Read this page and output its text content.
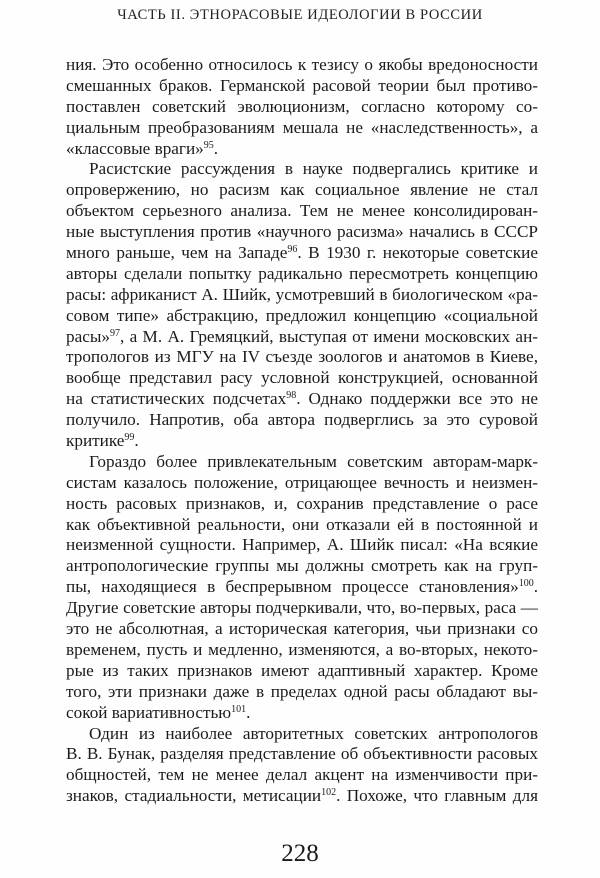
ЧАСТЬ II. ЭТНОРАСОВЫЕ ИДЕОЛОГИИ В РОССИИ
ния. Это особенно относилось к тезису о якобы вредоносности
смешанных браков. Германской расовой теории был противо-
поставлен советский эволюционизм, согласно которому со-
циальным преобразованиям мешала не «наследственность», а
«классовые враги»$^{95}$.
Расистские рассуждения в науке подвергались критике и
опровержению, но расизм как социальное явление не стал
объектом серьезного анализа. Тем не менее консолидирован-
ные выступления против «научного расизма» начались в СССР
много раньше, чем на Западе$^{96}$. В 1930 г. некоторые советские
авторы сделали попытку радикально пересмотреть концепцию
расы: африканист А. Шийк, усмотревший в биологическом «ра-
совом типе» абстракцию, предложил концепцию «социальной
расы»$^{97}$, а М. А. Гремяцкий, выступая от имени московских ан-
тропологов из МГУ на IV съезде зоологов и анатомов в Киеве,
вообще представил расу условной конструкцией, основанной
на статистических подсчетах$^{98}$. Однако поддержки все это не
получило. Напротив, оба автора подверглись за это суровой
критике$^{99}$.
Гораздо более привлекательным советским авторам-марк-
систам казалось положение, отрицающее вечность и неизмен-
ность расовых признаков, и, сохранив представление о расе
как объективной реальности, они отказали ей в постоянной и
неизменной сущности. Например, А. Шийк писал: «На всякие
антропологические группы мы должны смотреть как на груп-
пы, находящиеся в беспрерывном процессе становления»$^{100}$.
Другие советские авторы подчеркивали, что, во-первых, раса —
это не абсолютная, а историческая категория, чьи признаки со
временем, пусть и медленно, изменяются, а во-вторых, некото-
рые из таких признаков имеют адаптивный характер. Кроме
того, эти признаки даже в пределах одной расы обладают вы-
сокой вариативностью$^{101}$.
Один из наиболее авторитетных советских антропологов
В. В. Бунак, разделяя представление об объективности расовых
общностей, тем не менее делал акцент на изменчивости при-
знаков, стадиальности, метисации$^{102}$. Похоже, что главным для
228
